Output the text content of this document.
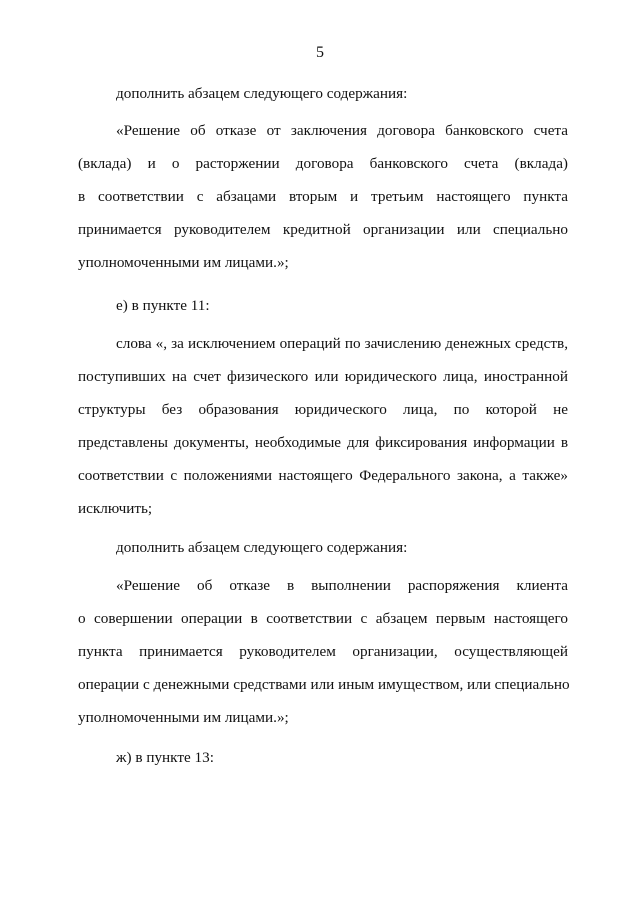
5
дополнить абзацем следующего содержания:
«Решение об отказе от заключения договора банковского счета
(вклада) и о расторжении договора банковского счета (вклада)
в соответствии с абзацами вторым и третьим настоящего пункта
принимается руководителем кредитной организации или специально
уполномоченными им лицами.»;
е) в пункте 11:
слова «, за исключением операций по зачислению денежных средств,
поступивших на счет физического или юридического лица, иностранной
структуры без образования юридического лица, по которой не
представлены документы, необходимые для фиксирования информации в
соответствии с положениями настоящего Федерального закона, а также»
исключить;
дополнить абзацем следующего содержания:
«Решение об отказе в выполнении распоряжения клиента
о совершении операции в соответствии с абзацем первым настоящего
пункта принимается руководителем организации, осуществляющей
операции с денежными средствами или иным имуществом, или специально
уполномоченными им лицами.»;
ж) в пункте 13:
